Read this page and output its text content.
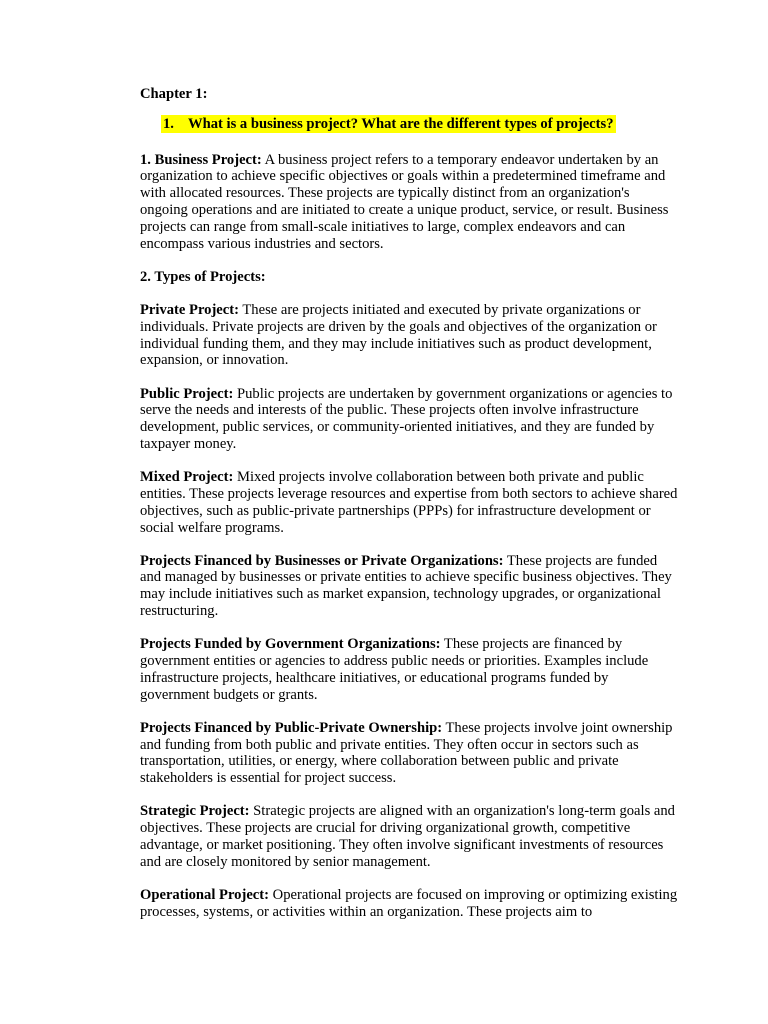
Chapter 1:
1. What is a business project? What are the different types of projects?
1. Business Project: A business project refers to a temporary endeavor undertaken by an organization to achieve specific objectives or goals within a predetermined timeframe and with allocated resources. These projects are typically distinct from an organization's ongoing operations and are initiated to create a unique product, service, or result. Business projects can range from small-scale initiatives to large, complex endeavors and can encompass various industries and sectors.
2. Types of Projects:
Private Project: These are projects initiated and executed by private organizations or individuals. Private projects are driven by the goals and objectives of the organization or individual funding them, and they may include initiatives such as product development, expansion, or innovation.
Public Project: Public projects are undertaken by government organizations or agencies to serve the needs and interests of the public. These projects often involve infrastructure development, public services, or community-oriented initiatives, and they are funded by taxpayer money.
Mixed Project: Mixed projects involve collaboration between both private and public entities. These projects leverage resources and expertise from both sectors to achieve shared objectives, such as public-private partnerships (PPPs) for infrastructure development or social welfare programs.
Projects Financed by Businesses or Private Organizations: These projects are funded and managed by businesses or private entities to achieve specific business objectives. They may include initiatives such as market expansion, technology upgrades, or organizational restructuring.
Projects Funded by Government Organizations: These projects are financed by government entities or agencies to address public needs or priorities. Examples include infrastructure projects, healthcare initiatives, or educational programs funded by government budgets or grants.
Projects Financed by Public-Private Ownership: These projects involve joint ownership and funding from both public and private entities. They often occur in sectors such as transportation, utilities, or energy, where collaboration between public and private stakeholders is essential for project success.
Strategic Project: Strategic projects are aligned with an organization's long-term goals and objectives. These projects are crucial for driving organizational growth, competitive advantage, or market positioning. They often involve significant investments of resources and are closely monitored by senior management.
Operational Project: Operational projects are focused on improving or optimizing existing processes, systems, or activities within an organization. These projects aim to
